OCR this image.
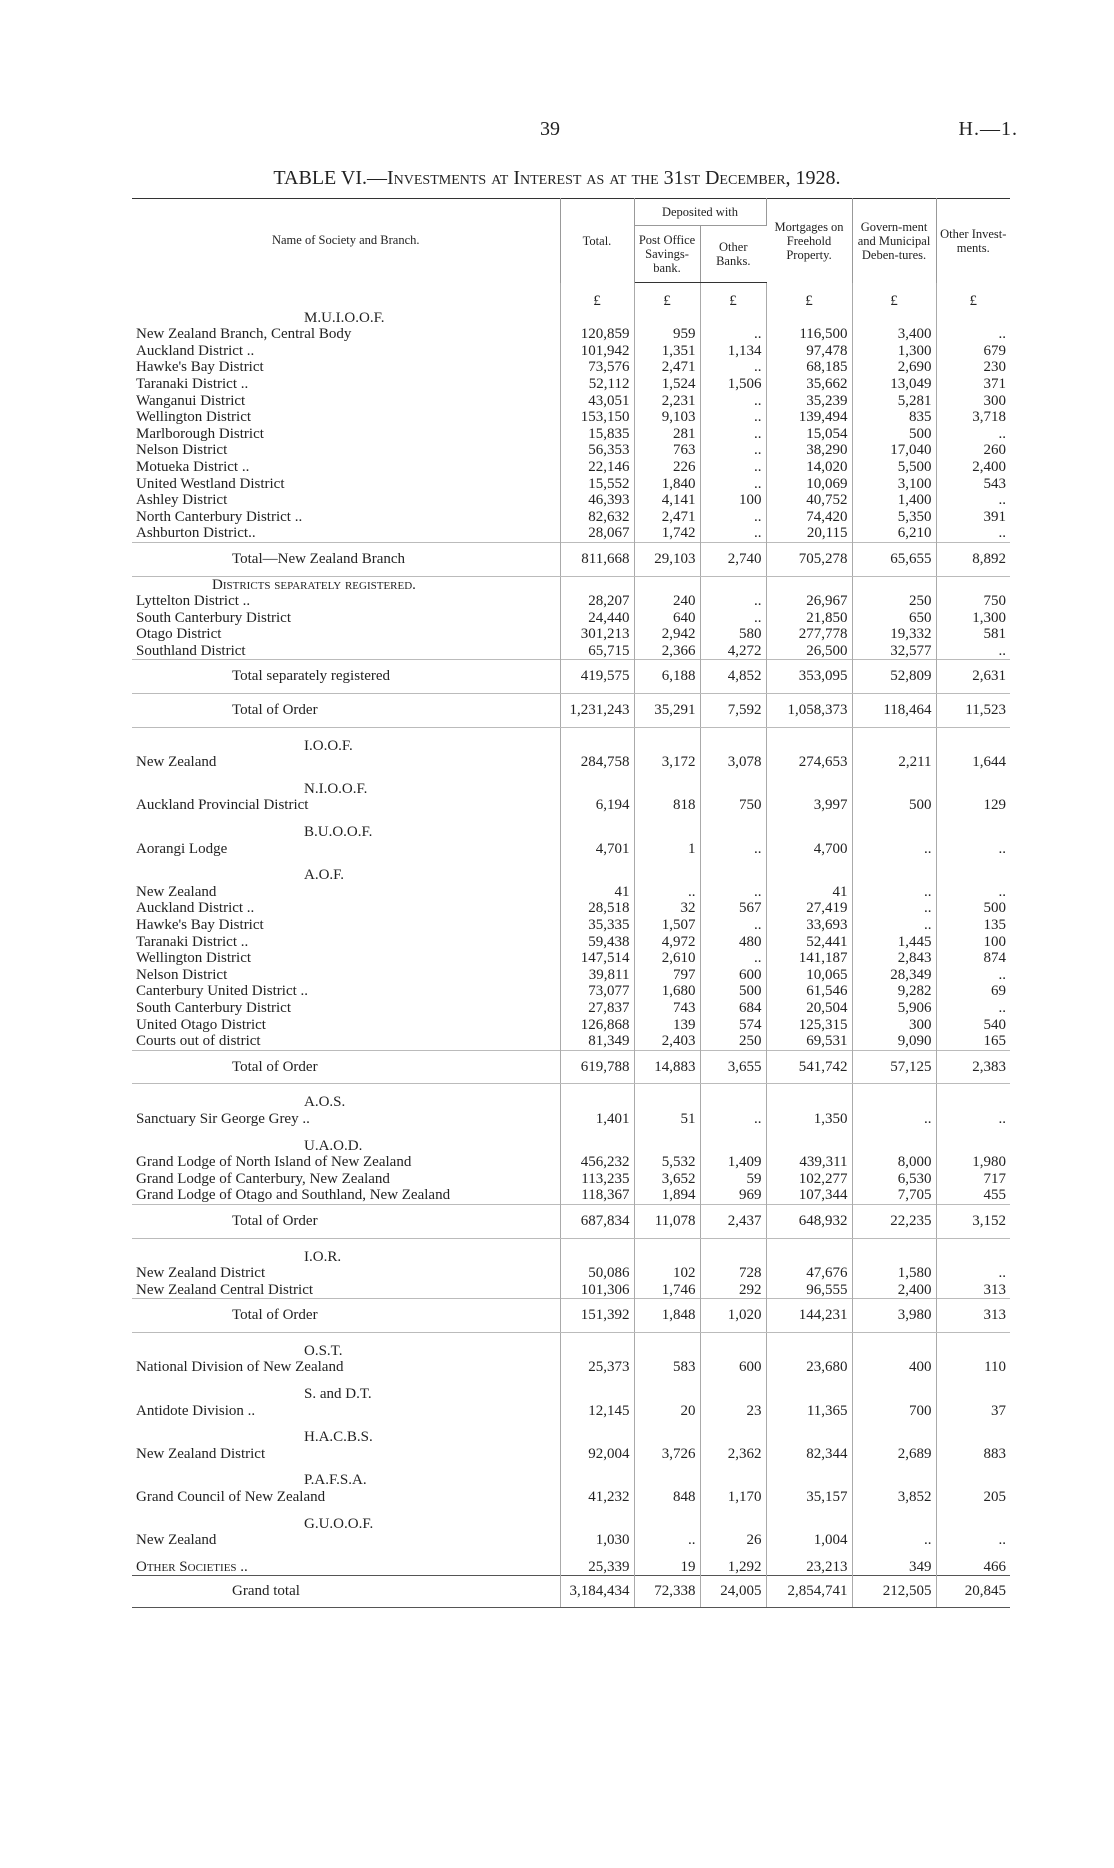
39	H.—1.
TABLE VI.—Investments at Interest as at the 31st December, 1928.
Name of Society and Branch.	Total.	Deposited with		Mortgages on Freehold Property.	Govern-ment and Municipal Deben-tures.	Other Invest-ments.
		Post Office Savings-bank.	Other Banks.			

	£	£	£	£	£	£
M.U.I.O.O.F.						
New Zealand Branch, Central Body	120,859	959	..	116,500	3,400	..
Auckland District ..	101,942	1,351	1,134	97,478	1,300	679
Hawke's Bay District	73,576	2,471	..	68,185	2,690	230
Taranaki District ..	52,112	1,524	1,506	35,662	13,049	371
Wanganui District	43,051	2,231	..	35,239	5,281	300
Wellington District	153,150	9,103	..	139,494	835	3,718
Marlborough District	15,835	281	..	15,054	500	..
Nelson District	56,353	763	..	38,290	17,040	260
Motueka District ..	22,146	226	..	14,020	5,500	2,400
United Westland District	15,552	1,840	..	10,069	3,100	543
Ashley District	46,393	4,141	100	40,752	1,400	..
North Canterbury District ..	82,632	2,471	..	74,420	5,350	391
Ashburton District..	28,067	1,742	..	20,115	6,210	..
Total—New Zealand Branch	811,668	29,103	2,740	705,278	65,655	8,892
Districts separately registered.						
Lyttelton District ..	28,207	240	..	26,967	250	750
South Canterbury District	24,440	640	..	21,850	650	1,300
Otago District	301,213	2,942	580	277,778	19,332	581
Southland District	65,715	2,366	4,272	26,500	32,577	..
Total separately registered	419,575	6,188	4,852	353,095	52,809	2,631
Total of Order	1,231,243	35,291	7,592	1,058,373	118,464	11,523

I.O.O.F.						
New Zealand	284,758	3,172	3,078	274,653	2,211	1,644

N.I.O.O.F.						
Auckland Provincial District	6,194	818	750	3,997	500	129

B.U.O.O.F.						
Aorangi Lodge	4,701	1	..	4,700	..	..

A.O.F.						
New Zealand	41	..	..	41	..	..
Auckland District ..	28,518	32	567	27,419	..	500
Hawke's Bay District	35,335	1,507	..	33,693	..	135
Taranaki District ..	59,438	4,972	480	52,441	1,445	100
Wellington District	147,514	2,610	..	141,187	2,843	874
Nelson District	39,811	797	600	10,065	28,349	..
Canterbury United District ..	73,077	1,680	500	61,546	9,282	69
South Canterbury District	27,837	743	684	20,504	5,906	..
United Otago District	126,868	139	574	125,315	300	540
Courts out of district	81,349	2,403	250	69,531	9,090	165
Total of Order	619,788	14,883	3,655	541,742	57,125	2,383

A.O.S.						
Sanctuary Sir George Grey ..	1,401	51	..	1,350	..	..

U.A.O.D.						
Grand Lodge of North Island of New Zealand	456,232	5,532	1,409	439,311	8,000	1,980
Grand Lodge of Canterbury, New Zealand	113,235	3,652	59	102,277	6,530	717
Grand Lodge of Otago and Southland, New Zealand	118,367	1,894	969	107,344	7,705	455
Total of Order	687,834	11,078	2,437	648,932	22,235	3,152

I.O.R.						
New Zealand District	50,086	102	728	47,676	1,580	..
New Zealand Central District	101,306	1,746	292	96,555	2,400	313
Total of Order	151,392	1,848	1,020	144,231	3,980	313

O.S.T.						
National Division of New Zealand	25,373	583	600	23,680	400	110

S. and D.T.						
Antidote Division ..	12,145	20	23	11,365	700	37

H.A.C.B.S.						
New Zealand District	92,004	3,726	2,362	82,344	2,689	883

P.A.F.S.A.						
Grand Council of New Zealand	41,232	848	1,170	35,157	3,852	205

G.U.O.O.F.						
New Zealand	1,030	..	26	1,004	..	..

Other Societies ..	25,339	19	1,292	23,213	349	466
Grand total	3,184,434	72,338	24,005	2,854,741	212,505	20,845
